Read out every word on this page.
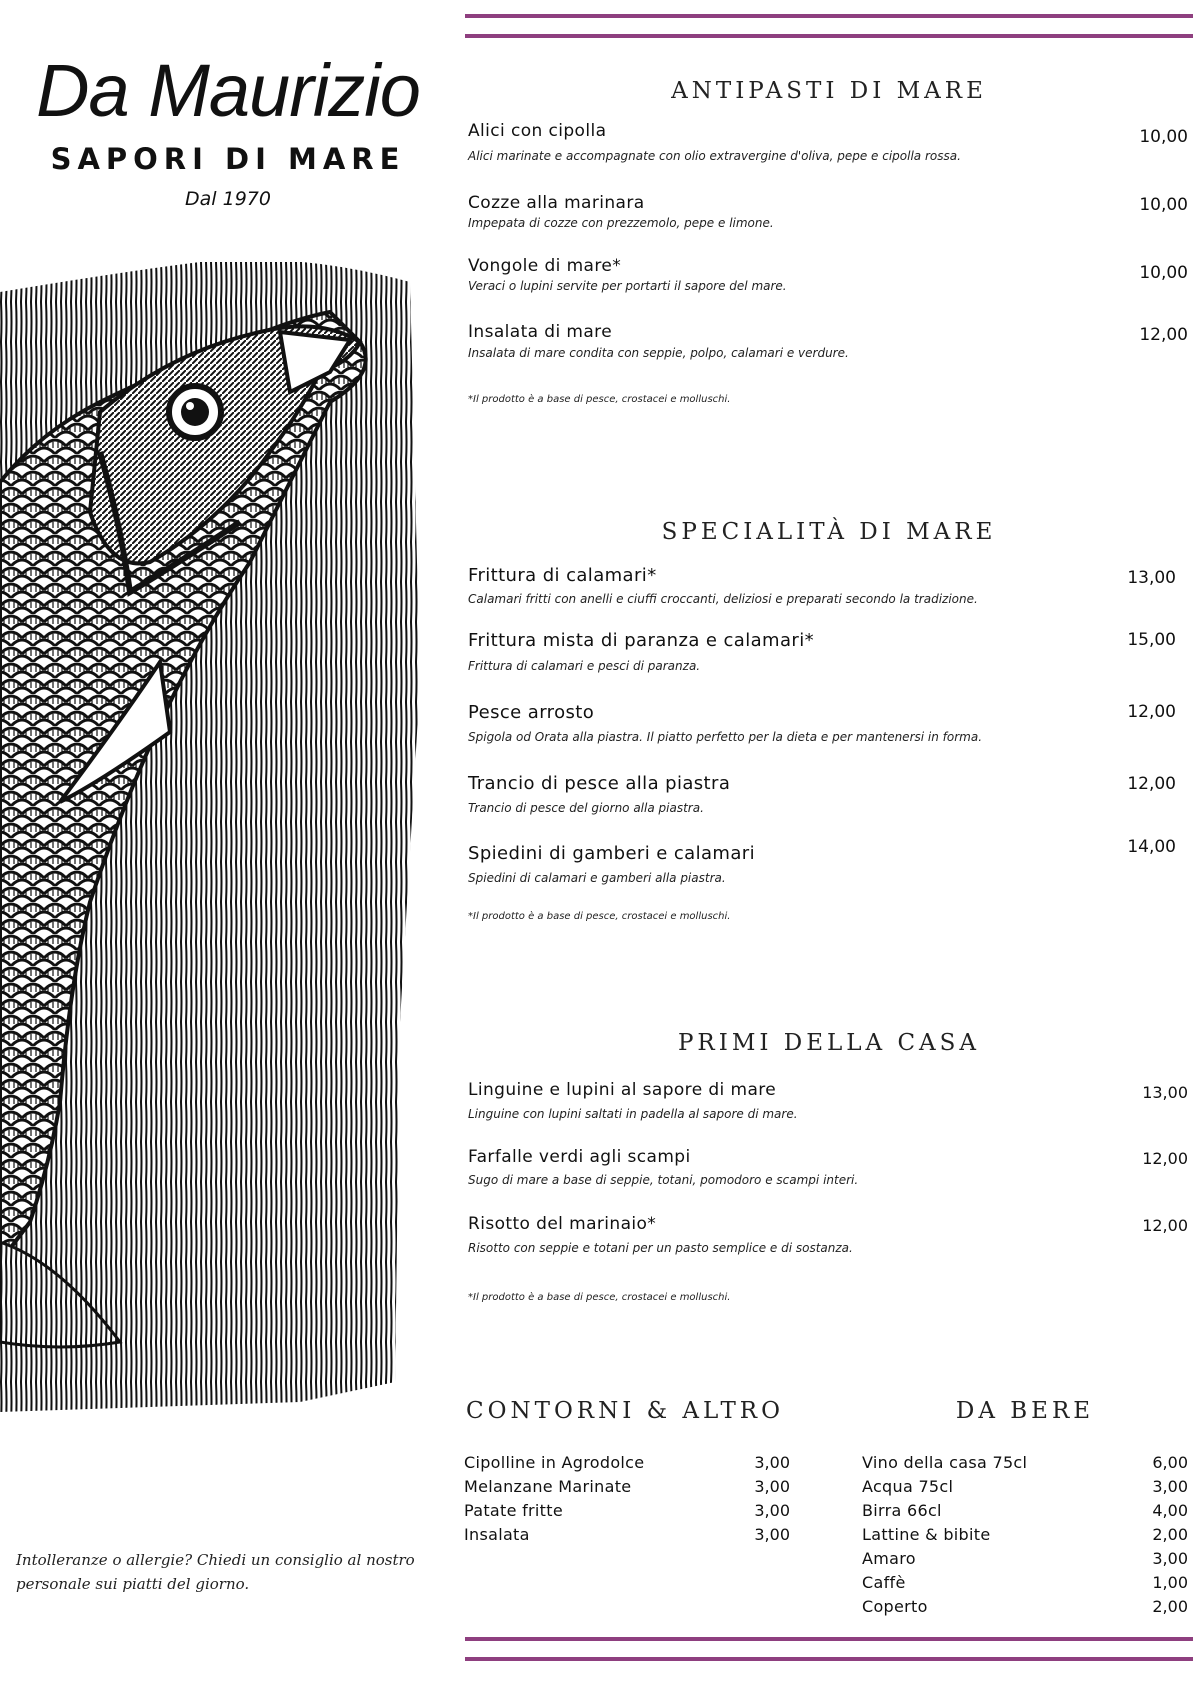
Da Maurizio
SAPORI DI MARE
Dal 1970
Intolleranze o allergie? Chiedi un consiglio al nostro personale sui piatti del giorno.
ANTIPASTI DI MARE
Alici con cipolla
Alici marinate e accompagnate con olio extravergine d'oliva, pepe e cipolla rossa.
10,00
Cozze alla marinara
Impepata di cozze con prezzemolo, pepe e limone.
10,00
Vongole di mare*
Veraci o lupini servite per portarti il sapore del mare.
10,00
Insalata di mare
Insalata di mare condita con seppie, polpo, calamari e verdure.
12,00
*Il prodotto è a base di pesce, crostacei e molluschi.
SPECIALITÀ DI MARE
Frittura di calamari*
Calamari fritti con anelli e ciuffi croccanti, deliziosi e preparati secondo la tradizione.
13,00
Frittura mista di paranza e calamari*
Frittura di calamari e pesci di paranza.
15,00
Pesce arrosto
Spigola od Orata alla piastra. Il piatto perfetto per la dieta e per mantenersi in forma.
12,00
Trancio di pesce alla piastra
Trancio di pesce del giorno alla piastra.
12,00
Spiedini di gamberi e calamari
Spiedini di calamari e gamberi alla piastra.
14,00
*Il prodotto è a base di pesce, crostacei e molluschi.
PRIMI DELLA CASA
Linguine e lupini al sapore di mare
Linguine con lupini saltati in padella al sapore di mare.
13,00
Farfalle verdi agli scampi
Sugo di mare a base di seppie, totani, pomodoro e scampi interi.
12,00
Risotto del marinaio*
Risotto con seppie e totani per un pasto semplice e di sostanza.
12,00
*Il prodotto è a base di pesce, crostacei e molluschi.
CONTORNI & ALTRO
Cipolline in Agrodolce	3,00
Melanzane Marinate	3,00
Patate fritte	3,00
Insalata	3,00
DA BERE
Vino della casa 75cl	6,00
Acqua 75cl	3,00
Birra 66cl	4,00
Lattine & bibite	2,00
Amaro	3,00
Caffè	1,00
Coperto	2,00
